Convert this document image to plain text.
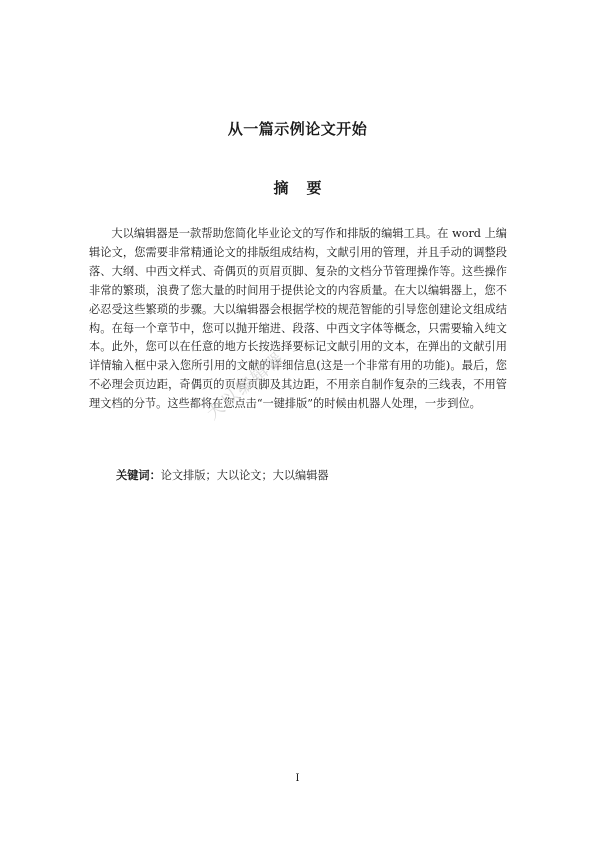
从一篇示例论文开始
摘 要

大以编辑器是一款帮助您简化毕业论文的写作和排版的编辑工具。在 word 上编辑论文，您需要非常精通论文的排版组成结构，文献引用的管理，并且手动的调整段落、大纲、中西文样式、奇偶页的页眉页脚、复杂的文档分节管理操作等。这些操作非常的繁琐，浪费了您大量的时间用于提供论文的内容质量。在大以编辑器上，您不必忍受这些繁琐的步骤。大以编辑器会根据学校的规范智能的引导您创建论文组成结构。在每一个章节中，您可以抛开缩进、段落、中西文字体等概念，只需要输入纯文本。此外，您可以在任意的地方长按选择要标记文献引用的文本，在弹出的文献引用详情输入框中录入您所引用的文献的详细信息(这是一个非常有用的功能)。最后，您不必理会页边距，奇偶页的页眉页脚及其边距，不用亲自制作复杂的三线表，不用管理文档的分节。这些都将在您点击“一键排版”的时候由机器人处理，一步到位。

关键词：论文排版；大以论文；大以编辑器
大以编辑器
I
